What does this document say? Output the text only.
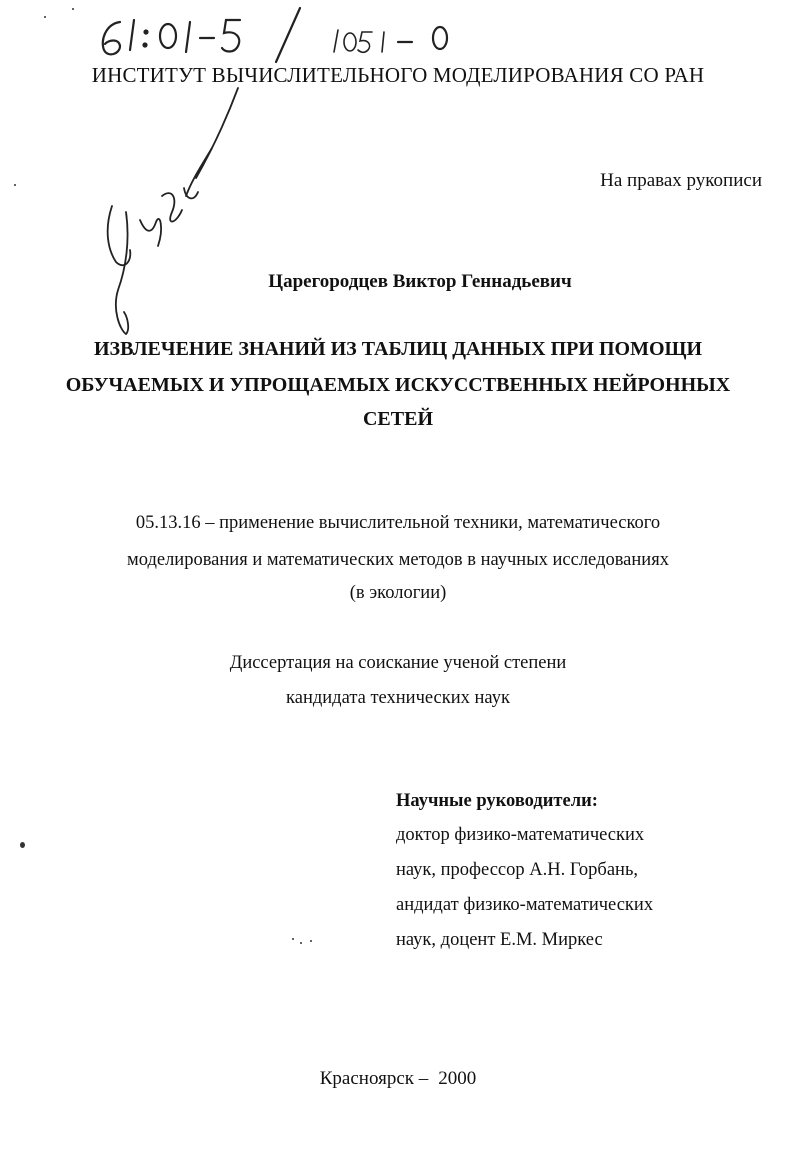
ИНСТИТУТ ВЫЧИСЛИТЕЛЬНОГО МОДЕЛИРОВАНИЯ СО РАН
На правах рукописи
Царегородцев Виктор Геннадьевич
ИЗВЛЕЧЕНИЕ ЗНАНИЙ ИЗ ТАБЛИЦ ДАННЫХ ПРИ ПОМОЩИ
ОБУЧАЕМЫХ И УПРОЩАЕМЫХ ИСКУССТВЕННЫХ НЕЙРОННЫХ
СЕТЕЙ
05.13.16 – применение вычислительной техники, математического
моделирования и математических методов в научных исследованиях
(в экологии)
Диссертация на соискание ученой степени
кандидата технических наук
Научные руководители:
доктор физико-математических
наук, профессор А.Н. Горбань,
андидат физико-математических
наук, доцент Е.М. Миркес
Красноярск – 2000
